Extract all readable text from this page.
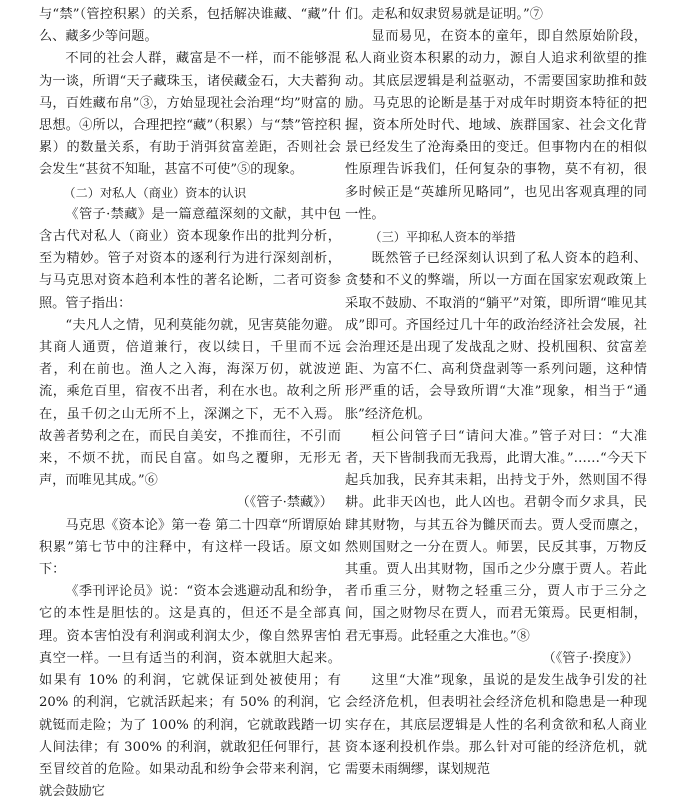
与“禁”（管控积累）的关系，包括解决谁藏、“藏”什么、藏多少等问题。

不同的社会人群，藏富是不一样，而不能够混为一谈，所谓“天子藏珠玉，诸侯藏金石，大夫蓄狗马，百姓藏布帛”③，方始显现社会治理“均”财富的思想。④所以，合理把控“藏”（积累）与“禁”管控积累）的数量关系，有助于消弭贫富差距，否则社会会发生“甚贫不知耻，甚富不可使”⑤的现象。

（二）对私人（商业）资本的认识

《管子·禁藏》是一篇意蕴深刻的文献，其中包含古代对私人（商业）资本现象作出的批判分析，至为精妙。管子对资本的逐利行为进行深刻剖析，与马克思对资本趋利本性的著名论断，二者可资参照。管子指出：

“夫凡人之情，见利莫能勿就，见害莫能勿避。其商人通贾，倍道兼行，夜以续日，千里而不远者，利在前也。渔人之入海，海深万仞，就波逆流，乘危百里，宿夜不出者，利在水也。故利之所在，虽千仞之山无所不上，深渊之下，无不入焉。故善者势利之在，而民自美安，不推而往，不引而来，不烦不扰，而民自富。如鸟之覆卵，无形无声，而唯见其成。”⑥

（《管子·禁藏》）

马克思《资本论》第一卷 第二十四章“所谓原始积累”第七节中的注释中，有这样一段话。原文如下：

《季刊评论员》说：“资本会逃避动乱和纷争，它的本性是胆怯的。这是真的，但还不是全部真理。资本害怕没有利润或利润太少，像自然界害怕真空一样。一旦有适当的利润，资本就胆大起来。如果有 10% 的利润，它就保证到处被使用；有 20% 的利润，它就活跃起来；有 50% 的利润，它就铤而走险；为了 100% 的利润，它就敢践踏一切人间法律；有 300% 的利润，就敢犯任何罪行，甚至冒绞首的危险。如果动乱和纷争会带来利润，它就会鼓励它

们。走私和奴隶贸易就是证明。”⑦

显而易见，在资本的童年，即自然原始阶段，私人商业资本积累的动力，源自人追求利欲望的推动。其底层逻辑是利益驱动，不需要国家助推和鼓励。马克思的论断是基于对成年时期资本特征的把握，资本所处时代、地域、族群国家、社会文化背景已经发生了沧海桑田的变迁。但事物内在的相似性原理告诉我们，任何复杂的事物，莫不有初，很多时候正是“英雄所见略同”，也见出客观真理的同一性。

（三）平抑私人资本的举措

既然管子已经深刻认识到了私人资本的趋利、贪婪和不义的弊端，所以一方面在国家宏观政策上采取不鼓励、不取消的“躺平”对策，即所谓“唯见其成”即可。齐国经过几十年的政治经济社会发展，社会治理还是出现了发战乱之财、投机囤积、贫富差距、为富不仁、高利贷盘剥等一系列问题，这种情形严重的话，会导致所谓“大准”现象，相当于“通胀”经济危机。

桓公问管子曰“请问大准。”管子对曰：“大准者，天下皆制我而无我焉，此谓大准。”……“今天下起兵加我，民弃其耒耜，出持戈于外，然则国不得耕。此非天凶也，此人凶也。君朝令而夕求具，民肆其财物，与其五谷为雠厌而去。贾人受而廪之，然则国财之一分在贾人。师罢，民反其事，万物反其重。贾人出其财物，国币之少分廪于贾人。若此者币重三分，财物之轻重三分，贾人市于三分之间，国之财物尽在贾人，而君无策焉。民更相制，君无事焉。此轻重之大准也。”⑧

（《管子·揆度》）

这里“大准”现象，虽说的是发生战争引发的社会经济危机，但表明社会经济危机和隐患是一种现实存在，其底层逻辑是人性的名利贪欲和私人商业资本逐利投机作祟。那么针对可能的经济危机，就需要未雨绸缪，谋划规范
